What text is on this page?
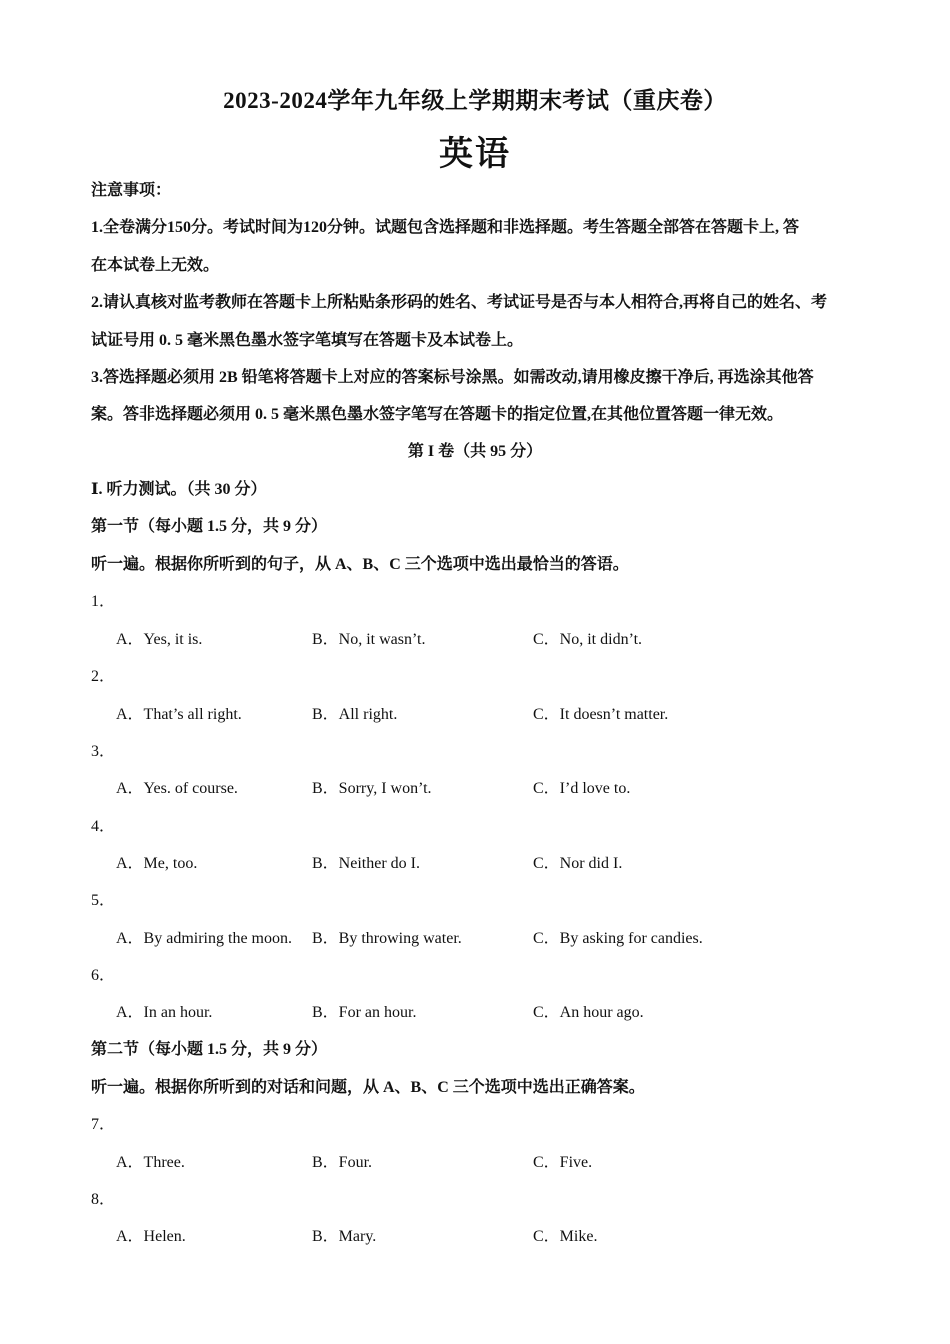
2023-2024学年九年级上学期期末考试（重庆卷）
英语
注意事项：
1.全卷满分150分。考试时间为120分钟。试题包含选择题和非选择题。考生答题全部答在答题卡上, 答
在本试卷上无效。
2.请认真核对监考教师在答题卡上所粘贴条形码的姓名、考试证号是否与本人相符合,再将自己的姓名、考
试证号用 0. 5 毫米黑色墨水签字笔填写在答题卡及本试卷上。
3.答选择题必须用 2B 铅笔将答题卡上对应的答案标号涂黑。如需改动,请用橡皮擦干净后, 再选涂其他答
案。答非选择题必须用 0. 5 毫米黑色墨水签字笔写在答题卡的指定位置,在其他位置答题一律无效。
第 I 卷（共 95 分）
Ⅰ. 听力测试。（共 30 分）
第一节（每小题 1.5 分，共 9 分）
听一遍。根据你所听到的句子，从 A、B、C 三个选项中选出最恰当的答语。
1．
A．Yes, it is.	B．No, it wasn’t.	C．No, it didn’t.
2．
A．That’s all right.	B．All right.	C．It doesn’t matter.
3．
A．Yes. of course.	B．Sorry, I won’t.	C．I’d love to.
4．
A．Me, too.	B．Neither do I.	C．Nor did I.
5．
A．By admiring the moon. B．By throwing water.	C．By asking for candies.
6．
A．In an hour.	B．For an hour.	C．An hour ago.
第二节（每小题 1.5 分，共 9 分）
听一遍。根据你所听到的对话和问题，从 A、B、C 三个选项中选出正确答案。
7．
A．Three.	B．Four.	C．Five.
8．
A．Helen.	B．Mary.	C．Mike.
